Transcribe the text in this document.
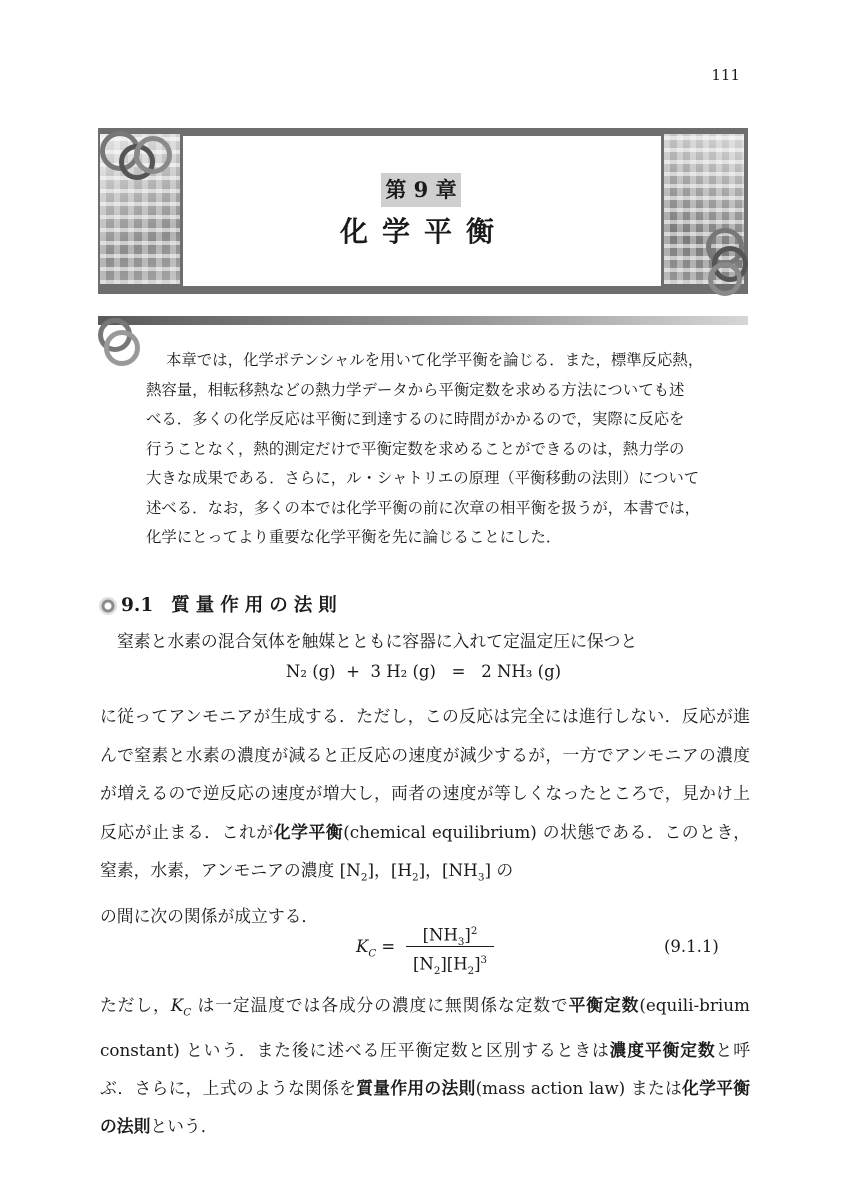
111
第 9 章
化学平衡
本章では，化学ポテンシャルを用いて化学平衡を論じる．また，標準反応熱，
熱容量，相転移熱などの熱力学データから平衡定数を求める方法についても述
べる．多くの化学反応は平衡に到達するのに時間がかかるので，実際に反応を
行うことなく，熱的測定だけで平衡定数を求めることができるのは，熱力学の
大きな成果である．さらに，ル・シャトリエの原理（平衡移動の法則）について
述べる．なお，多くの本では化学平衡の前に次章の相平衡を扱うが，本書では，
化学にとってより重要な化学平衡を先に論じることにした．
9.1 質量作用の法則
窒素と水素の混合気体を触媒とともに容器に入れて定温定圧に保つと
N₂ (g) + 3 H₂ (g) = 2 NH₃ (g)
に従ってアンモニアが生成する．ただし，この反応は完全には進行しない．反応が進んで窒素と水素の濃度が減ると正反応の速度が減少するが，一方でアンモニアの濃度が増えるので逆反応の速度が増大し，両者の速度が等しくなったところで，見かけ上反応が止まる．これが化学平衡(chemical equilibrium) の状態である．このとき，窒素，水素，アンモニアの濃度 $[N_2]$，$[H_2]$，$[NH_3]$ の
の間に次の関係が成立する．
$K_C$ =
$[NH_3]^2$
$[N_2][H_2]^3$
(9.1.1)
ただし，$K_C$ は一定温度では各成分の濃度に無関係な定数で平衡定数(equili-brium constant) という．また後に述べる圧平衡定数と区別するときは濃度平衡定数と呼ぶ．さらに，上式のような関係を質量作用の法則(mass action law) または化学平衡の法則という．
